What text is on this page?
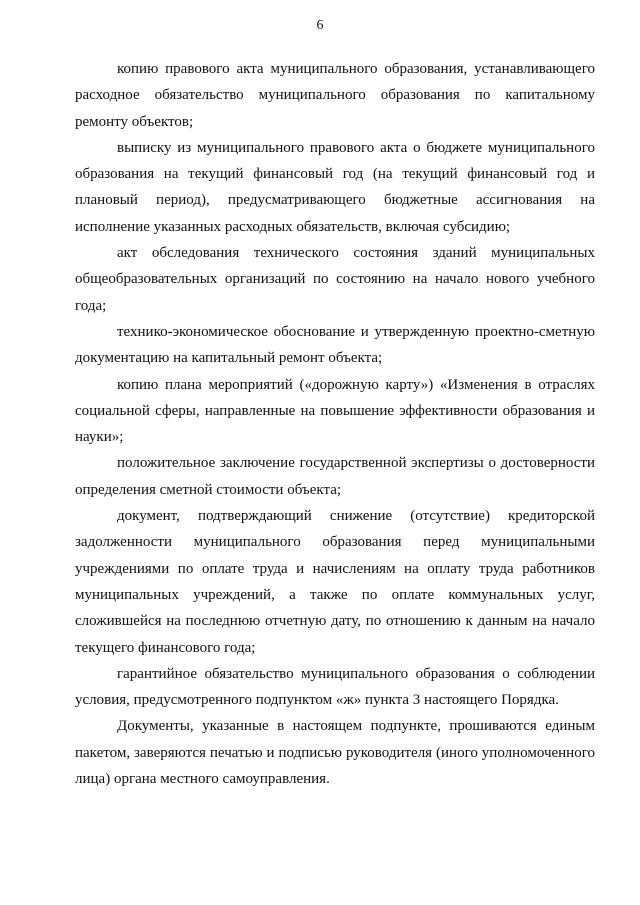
6

копию правового акта муниципального образования, устанавливающего расходное обязательство муниципального образования по капитальному ремонту объектов;

выписку из муниципального правового акта о бюджете муниципального образования на текущий финансовый год (на текущий финансовый год и плановый период), предусматривающего бюджетные ассигнования на исполнение указанных расходных обязательств, включая субсидию;

акт обследования технического состояния зданий муниципальных общеобразовательных организаций по состоянию на начало нового учебного года;

технико-экономическое обоснование и утвержденную проектно-сметную документацию на капитальный ремонт объекта;

копию плана мероприятий («дорожную карту») «Изменения в отраслях социальной сферы, направленные на повышение эффективности образования и науки»;

положительное заключение государственной экспертизы о достоверности определения сметной стоимости объекта;

документ, подтверждающий снижение (отсутствие) кредиторской задолженности муниципального образования перед муниципальными учреждениями по оплате труда и начислениям на оплату труда работников муниципальных учреждений, а также по оплате коммунальных услуг, сложившейся на последнюю отчетную дату, по отношению к данным на начало текущего финансового года;

гарантийное обязательство муниципального образования о соблюдении условия, предусмотренного подпунктом «ж» пункта 3 настоящего Порядка.

Документы, указанные в настоящем подпункте, прошиваются единым пакетом, заверяются печатью и подписью руководителя (иного уполномоченного лица) органа местного самоуправления.
